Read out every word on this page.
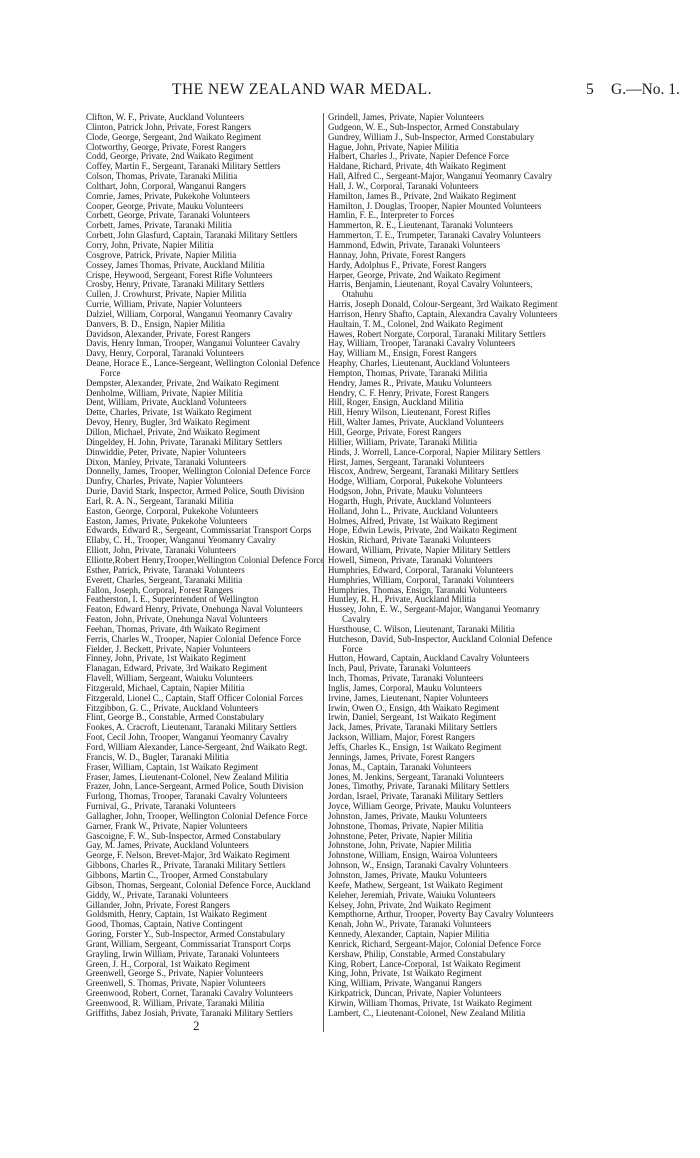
THE NEW ZEALAND WAR MEDAL.	5 G.—No. 1.
Clifton, W. F., Private, Auckland Volunteers
Clinton, Patrick John, Private, Forest Rangers
Clode, George, Sergeant, 2nd Waikato Regiment
Clotworthy, George, Private, Forest Rangers
Codd, George, Private, 2nd Waikato Regiment
Coffey, Martin F., Sergeant, Taranaki Military Settlers
Colson, Thomas, Private, Taranaki Militia
Colthart, John, Corporal, Wanganui Rangers
Comrie, James, Private, Pukekohe Volunteers
Cooper, George, Private, Mauku Volunteers
Corbett, George, Private, Taranaki Volunteers
Corbett, James, Private, Taranaki Militia
Corbett, John Glasfurd, Captain, Taranaki Military Settlers
Corry, John, Private, Napier Militia
Cosgrove, Patrick, Private, Napier Militia
Cossey, James Thomas, Private, Auckland Militia
Crispe, Heywood, Sergeant, Forest Rifle Volunteers
Crosby, Henry, Private, Taranaki Military Settlers
Cullen, J. Crowhurst, Private, Napier Militia
Currie, William, Private, Napier Volunteers
Dalziel, William, Corporal, Wanganui Yeomanry Cavalry
Danvers, B. D., Ensign, Napier Militia
Davidson, Alexander, Private, Forest Rangers
Davis, Henry Inman, Trooper, Wanganui Volunteer Cavalry
Davy, Henry, Corporal, Taranaki Volunteers
Deane, Horace E., Lance-Sergeant, Wellington Colonial Defence
Force
Dempster, Alexander, Private, 2nd Waikato Regiment
Denholme, William, Private, Napier Militia
Dent, William, Private, Auckland Volunteers
Dette, Charles, Private, 1st Waikato Regiment
Devoy, Henry, Bugler, 3rd Waikato Regiment
Dillon, Michael, Private, 2nd Waikato Regiment
Dingeldey, H. John, Private, Taranaki Military Settlers
Dinwiddie, Peter, Private, Napier Volunteers
Dixon, Manley, Private, Taranaki Volunteers
Donnelly, James, Trooper, Wellington Colonial Defence Force
Dunfry, Charles, Private, Napier Volunteers
Durie, David Stark, Inspector, Armed Police, South Division
Earl, R. A. N., Sergeant, Taranaki Militia
Easton, George, Corporal, Pukekohe Volunteers
Easton, James, Private, Pukekohe Volunteers
Edwards, Edward R., Sergeant, Commissariat Transport Corps
Ellaby, C. H., Trooper, Wanganui Yeomanry Cavalry
Elliott, John, Private, Taranaki Volunteers
Elliotte,Robert Henry,Trooper,Wellington Colonial Defence Force
Esther, Patrick, Private, Taranaki Volunteers
Everett, Charles, Sergeant, Taranaki Militia
Fallon, Joseph, Corporal, Forest Rangers
Featherston, I. E., Superintendent of Wellington
Featon, Edward Henry, Private, Onehunga Naval Volunteers
Featon, John, Private, Onehunga Naval Volunteers
Feehan, Thomas, Private, 4th Waikato Regiment
Ferris, Charles W., Trooper, Napier Colonial Defence Force
Fielder, J. Beckett, Private, Napier Volunteers
Finney, John, Private, 1st Waikato Regiment
Flanagan, Edward, Private, 3rd Waikato Regiment
Flavell, William, Sergeant, Waiuku Volunteers
Fitzgerald, Michael, Captain, Napier Militia
Fitzgerald, Lionel C., Captain, Staff Officer Colonial Forces
Fitzgibbon, G. C., Private, Auckland Volunteers
Flint, George B., Constable, Armed Constabulary
Fookes, A. Cracroft, Lieutenant, Taranaki Military Settlers
Foot, Cecil John, Trooper, Wanganui Yeomanry Cavalry
Ford, William Alexander, Lance-Sergeant, 2nd Waikato Regt.
Francis, W. D., Bugler, Taranaki Militia
Fraser, William, Captain, 1st Waikato Regiment
Fraser, James, Lieutenant-Colonel, New Zealand Militia
Frazer, John, Lance-Sergeant, Armed Police, South Division
Furlong, Thomas, Trooper, Taranaki Cavalry Volunteers
Furnival, G., Private, Taranaki Volunteers
Gallagher, John, Trooper, Wellington Colonial Defence Force
Garner, Frank W., Private, Napier Volunteers
Gascoigne, F. W., Sub-Inspector, Armed Constabulary
Gay, M. James, Private, Auckland Volunteers
George, F. Nelson, Brevet-Major, 3rd Waikato Regiment
Gibbons, Charles R., Private, Taranaki Military Settlers
Gibbons, Martin C., Trooper, Armed Constabulary
Gibson, Thomas, Sergeant, Colonial Defence Force, Auckland
Giddy, W., Private, Taranaki Volunteers
Gillander, John, Private, Forest Rangers
Goldsmith, Henry, Captain, 1st Waikato Regiment
Good, Thomas, Captain, Native Contingent
Goring, Forster Y., Sub-Inspector, Armed Constabulary
Grant, William, Sergeant, Commissariat Transport Corps
Grayling, Irwin William, Private, Taranaki Volunteers
Green, J. H., Corporal, 1st Waikato Regiment
Greenwell, George S., Private, Napier Volunteers
Greenwell, S. Thomas, Private, Napier Volunteers
Greenwood, Robert, Cornet, Taranaki Cavalry Volunteers
Greenwood, R. William, Private, Taranaki Militia
Griffiths, Jabez Josiah, Private, Taranaki Military Settlers
Grindell, James, Private, Napier Volunteers
Gudgeon, W. E., Sub-Inspector, Armed Constabulary
Gundrey, William J., Sub-Inspector, Armed Constabulary
Hague, John, Private, Napier Militia
Halbert, Charles J., Private, Napier Defence Force
Haldane, Richard, Private, 4th Waikato Regiment
Hall, Alfred C., Sergeant-Major, Wanganui Yeomanry Cavalry
Hall, J. W., Corporal, Taranaki Volunteers
Hamilton, James B., Private, 2nd Waikato Regiment
Hamilton, J. Douglas, Trooper, Napier Mounted Volunteers
Hamlin, F. E., Interpreter to Forces
Hammerton, R. E., Lieutenant, Taranaki Volunteers
Hammerton, T. E., Trumpeter, Taranaki Cavalry Volunteers
Hammond, Edwin, Private, Taranaki Volunteers
Hannay, John, Private, Forest Rangers
Hardy, Adolphus F., Private, Forest Rangers
Harper, George, Private, 2nd Waikato Regiment
Harris, Benjamin, Lieutenant, Royal Cavalry Volunteers,
Otahuhu
Harris, Joseph Donald, Colour-Sergeant, 3rd Waikato Regiment
Harrison, Henry Shafto, Captain, Alexandra Cavalry Volunteers
Haultain, T. M., Colonel, 2nd Waikato Regiment
Hawes, Robert Norgate, Corporal, Taranaki Military Settlers
Hay, William, Trooper, Taranaki Cavalry Volunteers
Hay, William M., Ensign, Forest Rangers
Heaphy, Charles, Lieutenant, Auckland Volunteers
Hempton, Thomas, Private, Taranaki Militia
Hendry, James R., Private, Mauku Volunteers
Hendry, C. F. Henry, Private, Forest Rangers
Hill, Roger, Ensign, Auckland Militia
Hill, Henry Wilson, Lieutenant, Forest Rifles
Hill, Walter James, Private, Auckland Volunteers
Hill, George, Private, Forest Rangers
Hillier, William, Private, Taranaki Militia
Hinds, J. Worrell, Lance-Corporal, Napier Military Settlers
Hirst, James, Sergeant, Taranaki Volunteers
Hiscox, Andrew, Sergeant, Taranaki Military Settlers
Hodge, William, Corporal, Pukekohe Volunteers
Hodgson, John, Private, Mauku Volunteers
Hogarth, Hugh, Private, Auckland Volunteers
Holland, John L., Private, Auckland Volunteers
Holmes, Alfred, Private, 1st Waikato Regiment
Hope, Edwin Lewis, Private, 2nd Waikato Regiment
Hoskin, Richard, Private Taranaki Volunteers
Howard, William, Private, Napier Military Settlers
Howell, Simeon, Private, Taranaki Volunteers
Humphries, Edward, Corporal, Taranaki Volunteers
Humphries, William, Corporal, Taranaki Volunteers
Humphries, Thomas, Ensign, Taranaki Volunteers
Huntley, R. H., Private, Auckland Militia
Hussey, John, E. W., Sergeant-Major, Wanganui Yeomanry
Cavalry
Hursthouse, C. Wilson, Lieutenant, Taranaki Militia
Hutcheson, David, Sub-Inspector, Auckland Colonial Defence
Force
Hutton, Howard, Captain, Auckland Cavalry Volunteers
Inch, Paul, Private, Taranaki Volunteers
Inch, Thomas, Private, Taranaki Volunteers
Inglis, James, Corporal, Mauku Volunteers
Irvine, James, Lieutenant, Napier Volunteers
Irwin, Owen O., Ensign, 4th Waikato Regiment
Irwin, Daniel, Sergeant, 1st Waikato Regiment
Jack, James, Private, Taranaki Military Settlers
Jackson, William, Major, Forest Rangers
Jeffs, Charles K., Ensign, 1st Waikato Regiment
Jennings, James, Private, Forest Rangers
Jonas, M., Captain, Taranaki Volunteers
Jones, M. Jenkins, Sergeant, Taranaki Volunteers
Jones, Timothy, Private, Taranaki Military Settlers
Jordan, Israel, Private, Taranaki Military Settlers
Joyce, William George, Private, Mauku Volunteers
Johnston, James, Private, Mauku Volunteers
Johnstone, Thomas, Private, Napier Militia
Johnstone, Peter, Private, Napier Militia
Johnstone, John, Private, Napier Militia
Johnstone, William, Ensign, Wairoa Volunteers
Johnson, W., Ensign, Taranaki Cavalry Volunteers
Johnston, James, Private, Mauku Volunteers
Keefe, Mathew, Sergeant, 1st Waikato Regiment
Keleher, Jeremiah, Private, Waiuku Volunteers
Kelsey, John, Private, 2nd Waikato Regiment
Kempthorne, Arthur, Trooper, Poverty Bay Cavalry Volunteers
Kenah, John W., Private, Taranaki Volunteers
Kennedy, Alexander, Captain, Napier Militia
Kenrick, Richard, Sergeant-Major, Colonial Defence Force
Kershaw, Philip, Constable, Armed Constabulary
King, Robert, Lance-Corporal, 1st Waikato Regiment
King, John, Private, 1st Waikato Regiment
King, William, Private, Wanganui Rangers
Kirkpatrick, Duncan, Private, Napier Volunteers
Kirwin, William Thomas, Private, 1st Waikato Regiment
Lambert, C., Lieutenant-Colonel, New Zealand Militia
2
